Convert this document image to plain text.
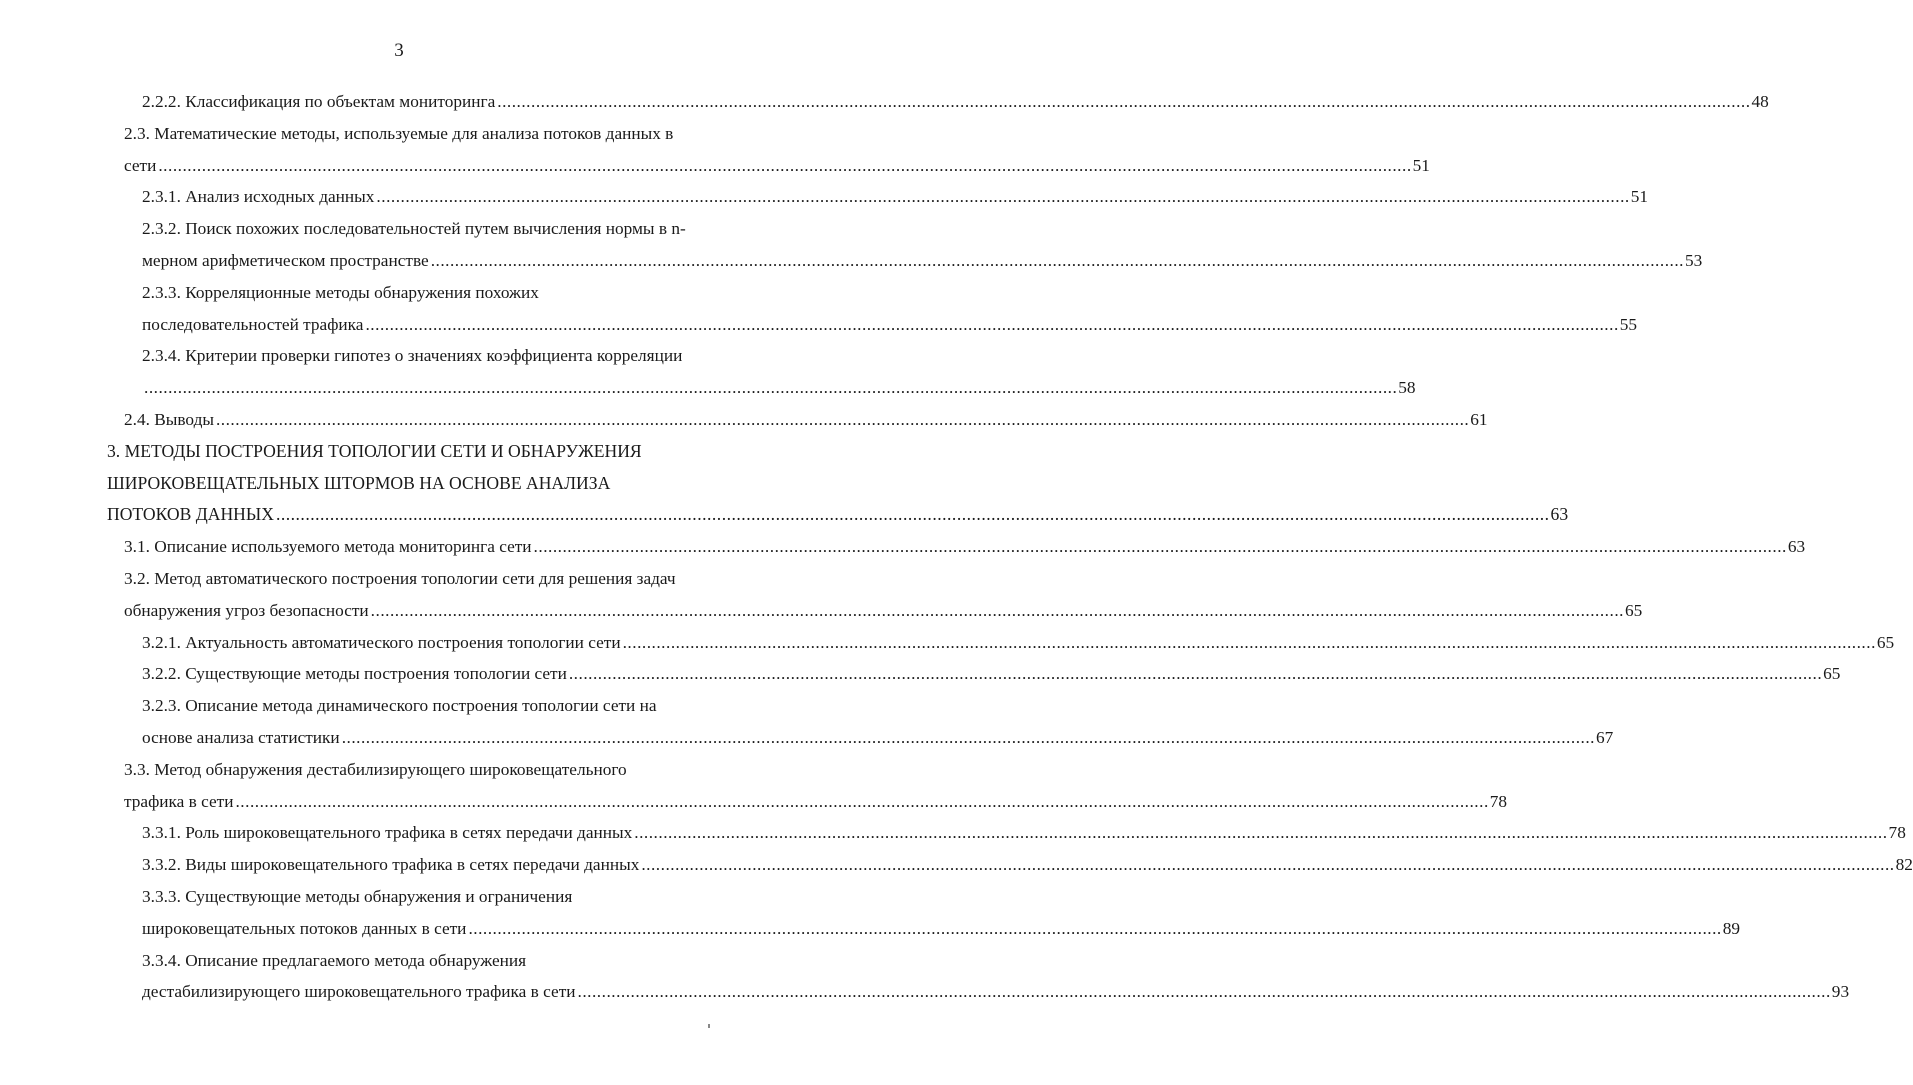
3
2.2.2. Классификация по объектам мониторинга .................................................................................................................................................................................................................................................................... 48
2.3. Математические методы, используемые для анализа потоков данных в
сети .................................................................................................................................................................................................................................................................... 51
2.3.1. Анализ исходных данных .................................................................................................................................................................................................................................................................... 51
2.3.2. Поиск похожих последовательностей путем вычисления нормы в n-
мерном арифметическом пространстве .................................................................................................................................................................................................................................................................... 53
2.3.3. Корреляционные методы обнаружения похожих
последовательностей трафика .................................................................................................................................................................................................................................................................... 55
2.3.4. Критерии проверки гипотез о значениях коэффициента корреляции
.................................................................................................................................................................................................................................................................... 58
2.4. Выводы .................................................................................................................................................................................................................................................................... 61
3. МЕТОДЫ ПОСТРОЕНИЯ ТОПОЛОГИИ СЕТИ И ОБНАРУЖЕНИЯ
ШИРОКОВЕЩАТЕЛЬНЫХ ШТОРМОВ НА ОСНОВЕ АНАЛИЗА
ПОТОКОВ ДАННЫХ .................................................................................................................................................................................................................................................................... 63
3.1. Описание используемого метода мониторинга сети .................................................................................................................................................................................................................................................................... 63
3.2. Метод автоматического построения топологии сети для решения задач
обнаружения угроз безопасности .................................................................................................................................................................................................................................................................... 65
3.2.1. Актуальность автоматического построения топологии сети .................................................................................................................................................................................................................................................................... 65
3.2.2. Существующие методы построения топологии сети .................................................................................................................................................................................................................................................................... 65
3.2.3. Описание метода динамического построения топологии сети на
основе анализа статистики .................................................................................................................................................................................................................................................................... 67
3.3. Метод обнаружения дестабилизирующего широковещательного
трафика в сети .................................................................................................................................................................................................................................................................... 78
3.3.1. Роль широковещательного трафика в сетях передачи данных .................................................................................................................................................................................................................................................................... 78
3.3.2. Виды широковещательного трафика в сетях передачи данных .................................................................................................................................................................................................................................................................... 82
3.3.3. Существующие методы обнаружения и ограничения
широковещательных потоков данных в сети .................................................................................................................................................................................................................................................................... 89
3.3.4. Описание предлагаемого метода обнаружения
дестабилизирующего широковещательного трафика в сети .................................................................................................................................................................................................................................................................... 93
